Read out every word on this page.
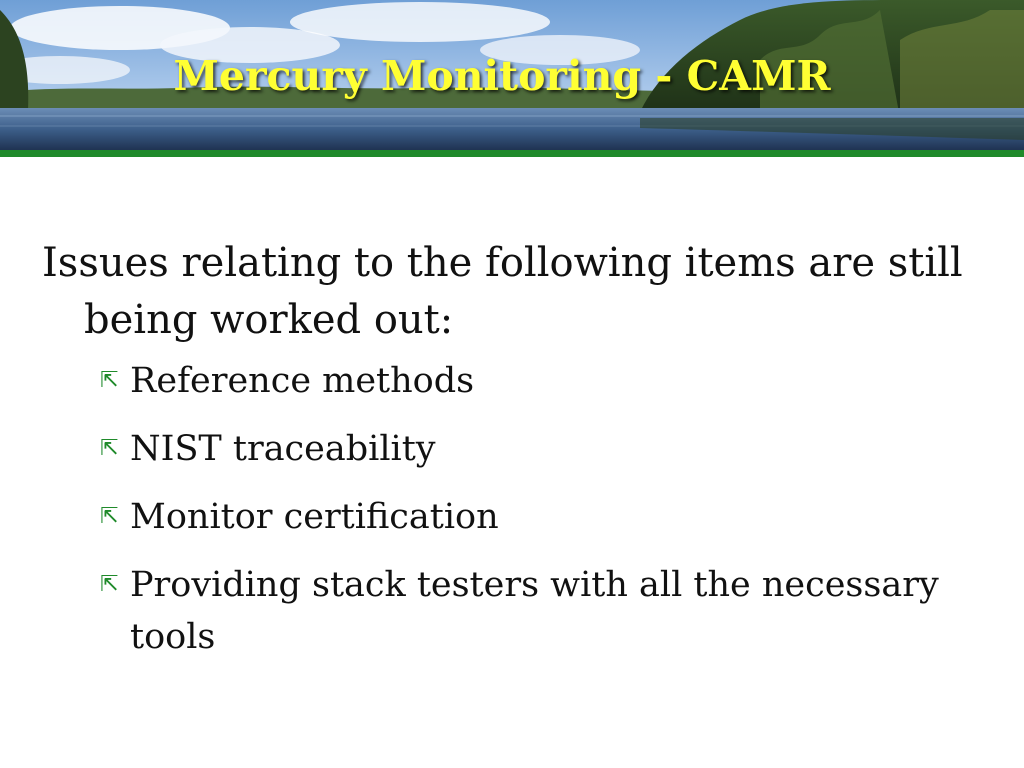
Mercury Monitoring - CAMR

Issues relating to the following items are still being worked out:

⇱ Reference methods
⇱ NIST traceability
⇱ Monitor certification
⇱ Providing stack testers with all the necessary tools
